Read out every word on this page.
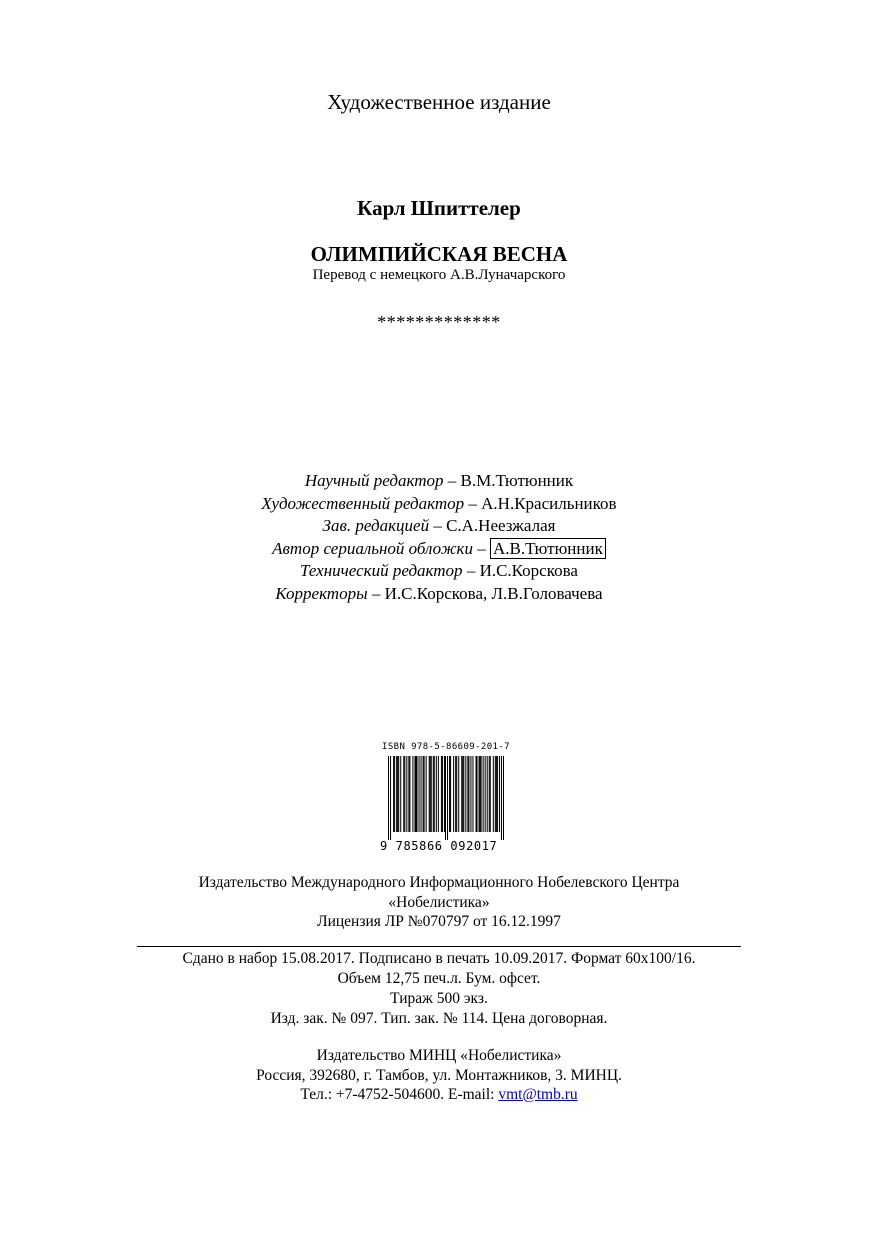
Художественное издание
Карл Шпиттелер
ОЛИМПИЙСКАЯ ВЕСНА
Перевод с немецкого А.В.Луначарского
*************
Научный редактор – В.М.Тютюнник
Художественный редактор – А.Н.Красильников
Зав. редакцией – С.А.Неезжалая
Автор сериальной обложки – А.В.Тютюнник
Технический редактор – И.С.Корскова
Корректоры – И.С.Корскова, Л.В.Головачева
ISBN 978-5-86609-201-7
9 785866 092017
Издательство Международного Информационного Нобелевского Центра
«Нобелистика»
Лицензия ЛР №070797 от 16.12.1997
Сдано в набор 15.08.2017. Подписано в печать 10.09.2017. Формат 60x100/16.
Объем 12,75 печ.л. Бум. офсет.
Тираж 500 экз.
Изд. зак. № 097. Тип. зак. № 114. Цена договорная.
Издательство МИНЦ «Нобелистика»
Россия, 392680, г. Тамбов, ул. Монтажников, 3. МИНЦ.
Тел.: +7-4752-504600. E-mail: vmt@tmb.ru
